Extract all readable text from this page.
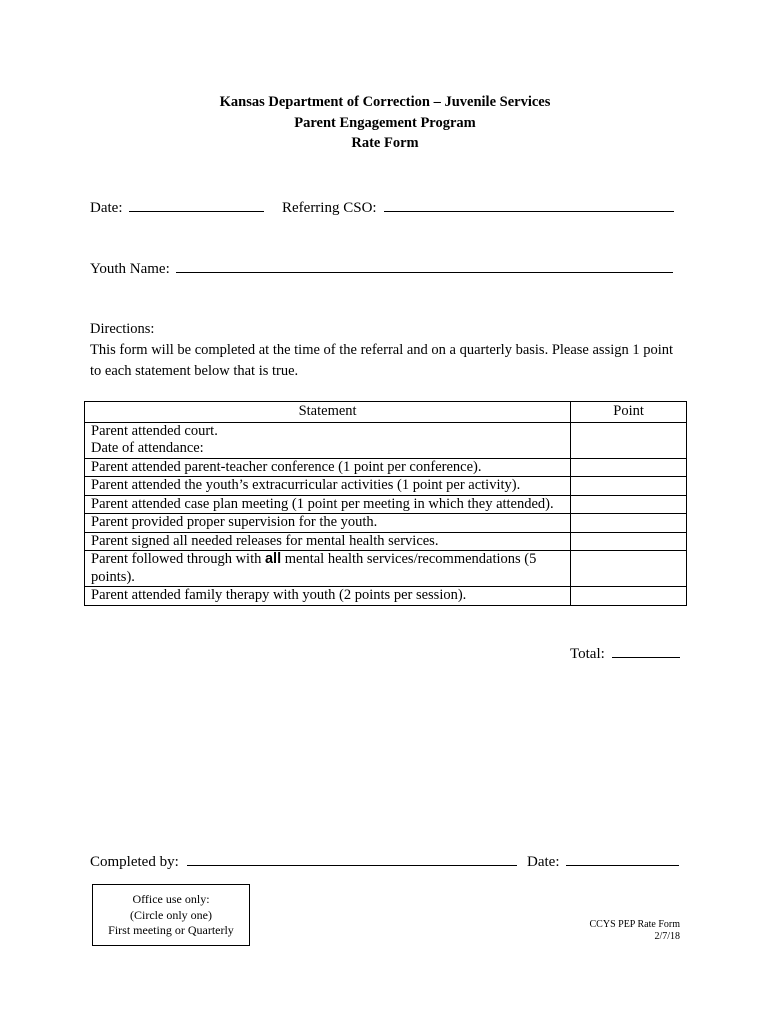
Kansas Department of Correction – Juvenile Services
Parent Engagement Program
Rate Form
Date:	Referring CSO:
Youth Name:
Directions:
This form will be completed at the time of the referral and on a quarterly basis. Please assign 1 point to each statement below that is true.
Statement	Point

Parent attended court.
Date of attendance:	

Parent attended parent-teacher conference (1 point per conference).	
Parent attended the youth’s extracurricular activities (1 point per activity).	
Parent attended case plan meeting (1 point per meeting in which they attended).	
Parent provided proper supervision for the youth.	
Parent signed all needed releases for mental health services.	
Parent followed through with all mental health services/recommendations (5 points).	
Parent attended family therapy with youth (2 points per session).	
Total:
Completed by:	Date:
Office use only:
(Circle only one)
First meeting or Quarterly	CCYS PEP Rate Form
2/7/18
